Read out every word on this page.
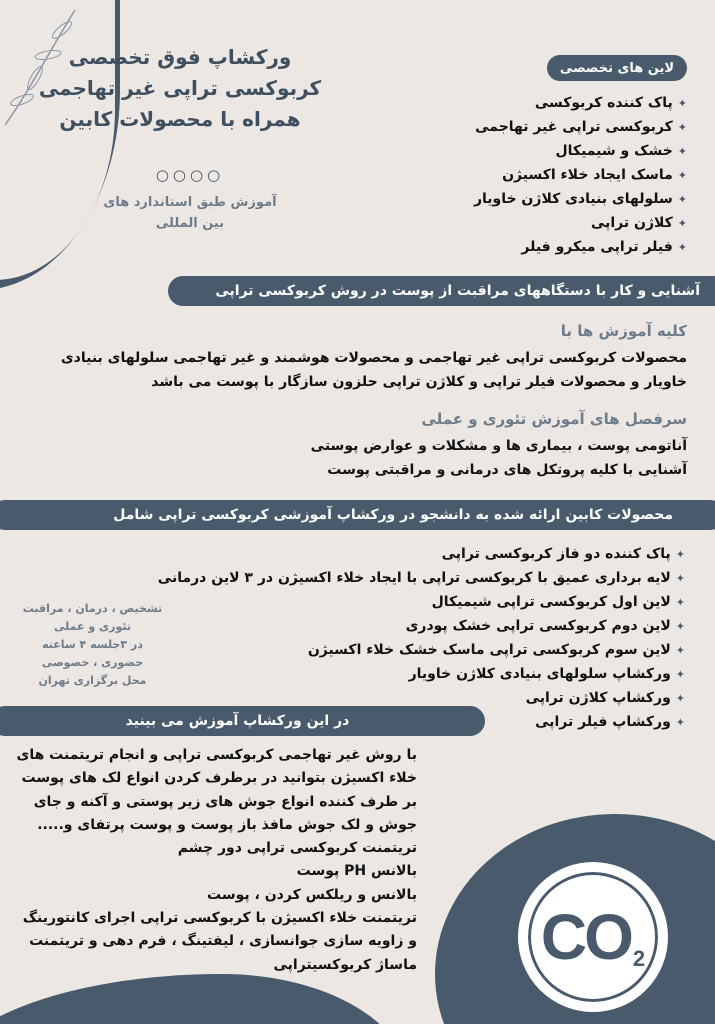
ورکشاپ فوق تخصصی
کربوکسی تراپی غیر تهاجمی
همراه با محصولات کابین
○○○○
آموزش طبق استاندارد های
بین المللی
لاین های تخصصی
✦
پاک کننده کربوکسی
✦
کربوکسی تراپی غیر تهاجمی
✦
خشک و شیمیکال
✦
ماسک ایجاد خلاء اکسیژن
✦
سلولهای بنیادی کلاژن خاویار
✦
کلاژن تراپی
✦
فیلر تراپی میکرو فیلر
آشنایی و کار با دستگاههای مراقبت از پوست در روش کربوکسی تراپی
کلیه آموزش ها با
محصولات کربوکسی تراپی غیر تهاجمی و محصولات هوشمند و غیر تهاجمی سلولهای بنیادی خاویار و محصولات فیلر تراپی و کلاژن تراپی حلزون سازگار با پوست می باشد
سرفصل های آموزش تئوری و عملی
آناتومی پوست ، بیماری ها و مشکلات و عوارض پوستی
آشنایی با کلیه پروتکل های درمانی و مراقبتی پوست
محصولات کابین ارائه شده به دانشجو در ورکشاپ آموزشی کربوکسی تراپی شامل
✦
پاک کننده دو فاز کربوکسی تراپی
✦
لایه برداری عمیق با کربوکسی تراپی با ایجاد خلاء اکسیژن در ۳ لاین درمانی
✦
لاین اول کربوکسی تراپی شیمیکال
✦
لاین دوم کربوکسی تراپی خشک پودری
✦
لاین سوم کربوکسی تراپی ماسک خشک خلاء اکسیژن
✦
ورکشاپ سلولهای بنیادی کلاژن خاویار
✦
ورکشاپ کلاژن تراپی
✦
ورکشاپ فیلر تراپی
تشخیص ، درمان ، مراقبت
تئوری و عملی
در ۳جلسه ۴ ساعته
حضوری ، خصوصی
محل برگزاری تهران
در این ورکشاپ آموزش می بینید
با روش غیر تهاجمی کربوکسی تراپی و انجام تریتمنت های
خلاء اکسیژن بتوانید در برطرف کردن انواع لک های پوست
بر طرف کننده انواع جوش های زیر پوستی و آکنه و جای
جوش و لک جوش مافذ باز پوست و پوست پرتفای و.....
تریتمنت کربوکسی تراپی دور چشم
بالانس PH پوست
بالانس و ریلکس کردن ، پوست
تریتمنت خلاء اکسیژن با کربوکسی تراپی اجرای کانتورینگ
و زاویه سازی جوانسازی ، لیفتینگ ، فرم دهی و تریتمنت
ماساژ کربوکسیتراپی CO 2
